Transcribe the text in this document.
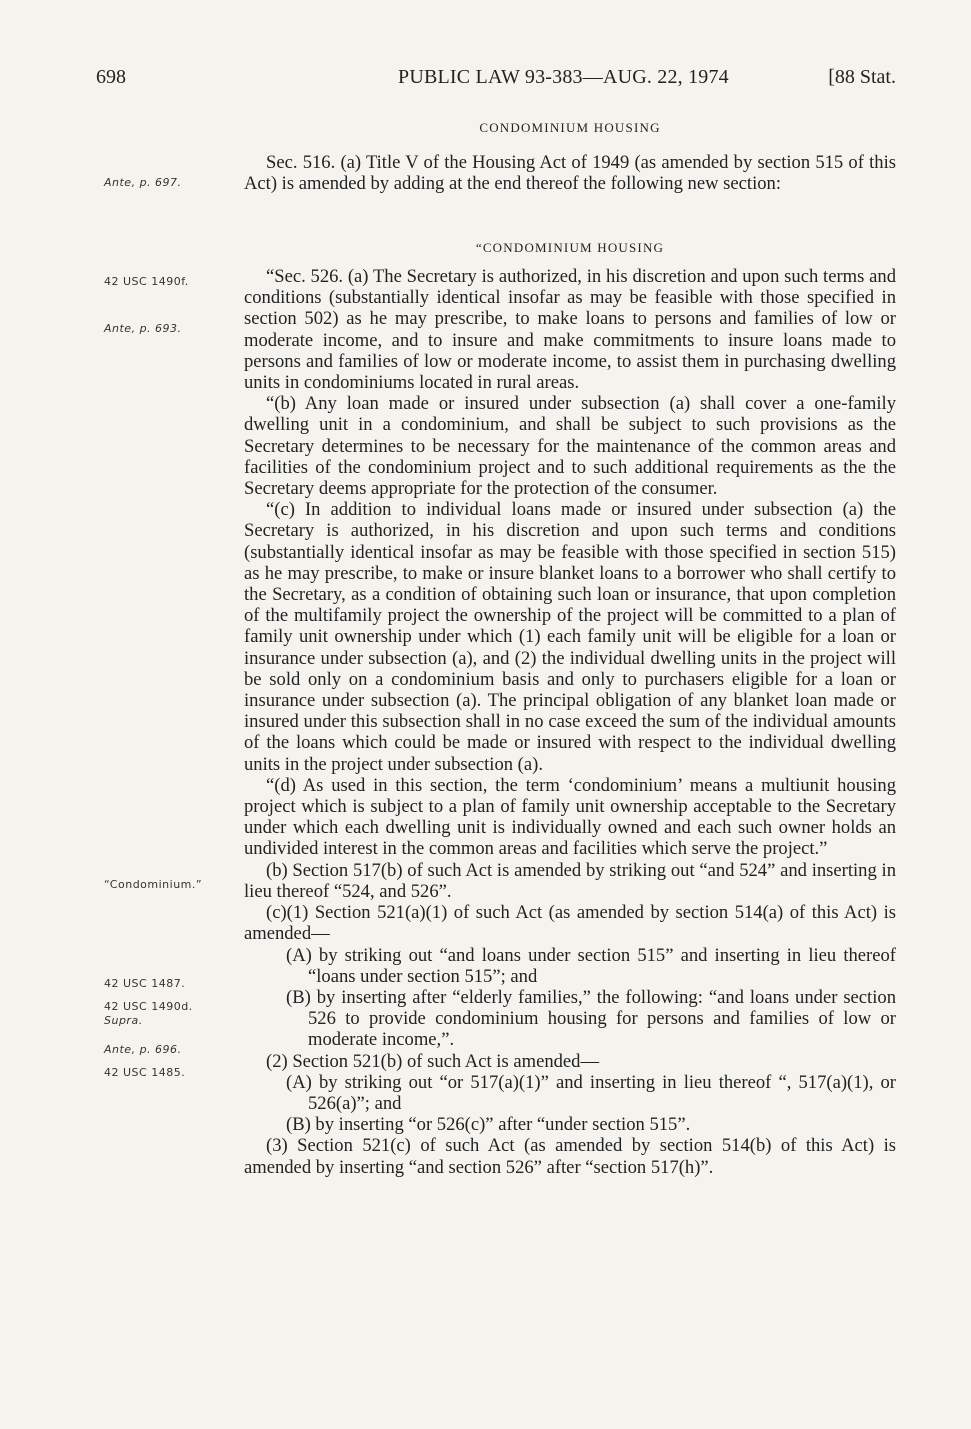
698	PUBLIC LAW 93-383—AUG. 22, 1974	[88 Stat.
CONDOMINIUM HOUSING

Sec. 516. (a) Title V of the Housing Act of 1949 (as amended by section 515 of this Act) is amended by adding at the end thereof the following new section:

“CONDOMINIUM HOUSING

“Sec. 526. (a) The Secretary is authorized, in his discretion and upon such terms and conditions (substantially identical insofar as may be feasible with those specified in section 502) as he may prescribe, to make loans to persons and families of low or moderate income, and to insure and make commitments to insure loans made to persons and families of low or moderate income, to assist them in purchasing dwelling units in condominiums located in rural areas.

“(b) Any loan made or insured under subsection (a) shall cover a one-family dwelling unit in a condominium, and shall be subject to such provisions as the Secretary determines to be necessary for the maintenance of the common areas and facilities of the condominium project and to such additional requirements as the the Secretary deems appropriate for the protection of the consumer.

“(c) In addition to individual loans made or insured under subsection (a) the Secretary is authorized, in his discretion and upon such terms and conditions (substantially identical insofar as may be feasible with those specified in section 515) as he may prescribe, to make or insure blanket loans to a borrower who shall certify to the Secretary, as a condition of obtaining such loan or insurance, that upon completion of the multifamily project the ownership of the project will be committed to a plan of family unit ownership under which (1) each family unit will be eligible for a loan or insurance under subsection (a), and (2) the individual dwelling units in the project will be sold only on a condominium basis and only to purchasers eligible for a loan or insurance under subsection (a). The principal obligation of any blanket loan made or insured under this subsection shall in no case exceed the sum of the individual amounts of the loans which could be made or insured with respect to the individual dwelling units in the project under subsection (a).

“(d) As used in this section, the term ‘condominium’ means a multiunit housing project which is subject to a plan of family unit ownership acceptable to the Secretary under which each dwelling unit is individually owned and each such owner holds an undivided interest in the common areas and facilities which serve the project.”

(b) Section 517(b) of such Act is amended by striking out “and 524” and inserting in lieu thereof “524, and 526”.

(c)(1) Section 521(a)(1) of such Act (as amended by section 514(a) of this Act) is amended—

(A) by striking out “and loans under section 515” and inserting in lieu thereof “loans under section 515”; and

(B) by inserting after “elderly families,” the following: “and loans under section 526 to provide condominium housing for persons and families of low or moderate income,”.

(2) Section 521(b) of such Act is amended—

(A) by striking out “or 517(a)(1)” and inserting in lieu thereof “, 517(a)(1), or 526(a)”; and

(B) by inserting “or 526(c)” after “under section 515”.

(3) Section 521(c) of such Act (as amended by section 514(b) of this Act) is amended by inserting “and section 526” after “section 517(h)”.

Ante, p. 697.
42 USC 1490f.
Ante, p. 693.
“Condominium.”
42 USC 1487.
42 USC 1490d.
Supra.
Ante, p. 696.
42 USC 1485.
